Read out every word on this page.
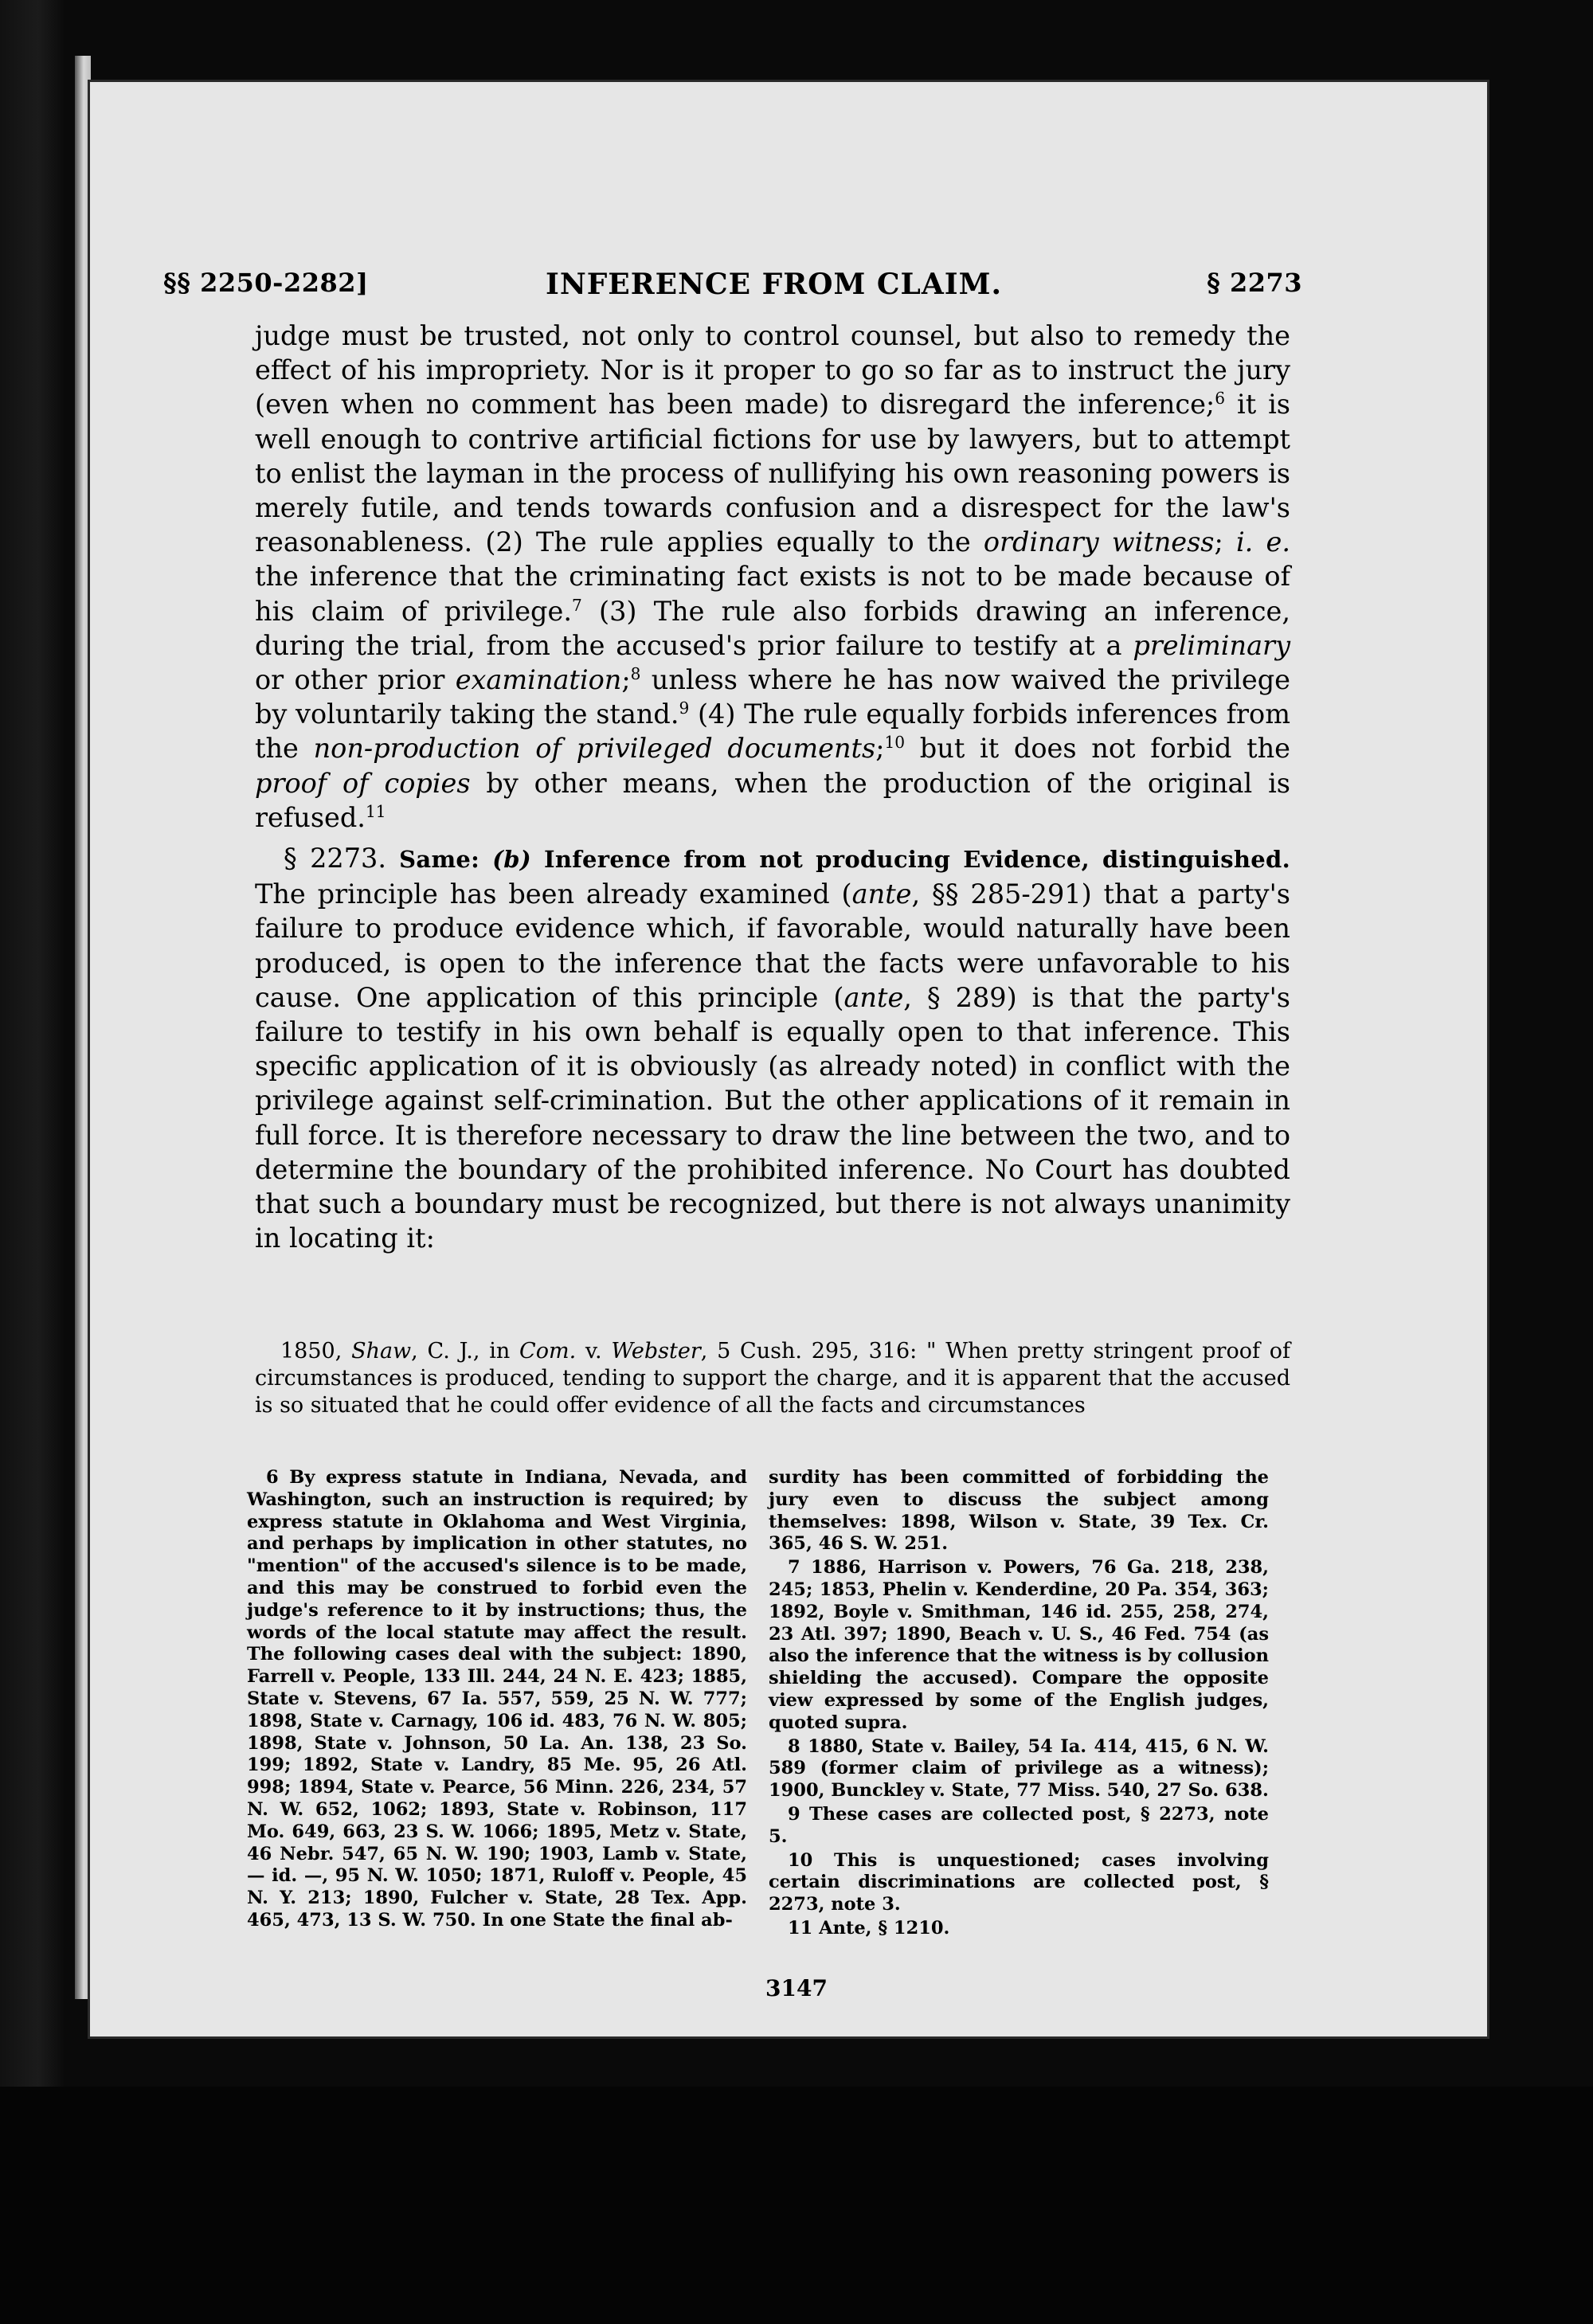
§§ 2250-2282]	INFERENCE FROM CLAIM.	§ 2273

judge must be trusted, not only to control counsel, but also to remedy the effect of his impropriety. Nor is it proper to go so far as to instruct the jury (even when no comment has been made) to disregard the inference;$^6$ it is well enough to contrive artificial fictions for use by lawyers, but to attempt to enlist the layman in the process of nullifying his own reasoning powers is merely futile, and tends towards confusion and a disrespect for the law's reasonableness. (2) The rule applies equally to the ordinary witness; i. e. the inference that the criminating fact exists is not to be made because of his claim of privilege.$^7$ (3) The rule also forbids drawing an inference, during the trial, from the accused's prior failure to testify at a preliminary or other prior examination;$^8$ unless where he has now waived the privilege by voluntarily taking the stand.$^9$ (4) The rule equally forbids inferences from the non-production of privileged documents;$^{10}$ but it does not forbid the proof of copies by other means, when the production of the original is refused.$^{11}$

§ 2273. Same: (b) Inference from not producing Evidence, distinguished. The principle has been already examined (ante, §§ 285-291) that a party's failure to produce evidence which, if favorable, would naturally have been produced, is open to the inference that the facts were unfavorable to his cause. One application of this principle (ante, § 289) is that the party's failure to testify in his own behalf is equally open to that inference. This specific application of it is obviously (as already noted) in conflict with the privilege against self-crimination. But the other applications of it remain in full force. It is therefore necessary to draw the line between the two, and to determine the boundary of the prohibited inference. No Court has doubted that such a boundary must be recognized, but there is not always unanimity in locating it:

1850, Shaw, C. J., in Com. v. Webster, 5 Cush. 295, 316: " When pretty stringent proof of circumstances is produced, tending to support the charge, and it is apparent that the accused is so situated that he could offer evidence of all the facts and circumstances

6 By express statute in Indiana, Nevada, and Washington, such an instruction is required; by express statute in Oklahoma and West Virginia, and perhaps by implication in other statutes, no "mention" of the accused's silence is to be made, and this may be construed to forbid even the judge's reference to it by instructions; thus, the words of the local statute may affect the result. The following cases deal with the subject: 1890, Farrell v. People, 133 Ill. 244, 24 N. E. 423; 1885, State v. Stevens, 67 Ia. 557, 559, 25 N. W. 777; 1898, State v. Carnagy, 106 id. 483, 76 N. W. 805; 1898, State v. Johnson, 50 La. An. 138, 23 So. 199; 1892, State v. Landry, 85 Me. 95, 26 Atl. 998; 1894, State v. Pearce, 56 Minn. 226, 234, 57 N. W. 652, 1062; 1893, State v. Robinson, 117 Mo. 649, 663, 23 S. W. 1066; 1895, Metz v. State, 46 Nebr. 547, 65 N. W. 190; 1903, Lamb v. State, — id. —, 95 N. W. 1050; 1871, Ruloff v. People, 45 N. Y. 213; 1890, Fulcher v. State, 28 Tex. App. 465, 473, 13 S. W. 750. In one State the final ab-

surdity has been committed of forbidding the jury even to discuss the subject among themselves: 1898, Wilson v. State, 39 Tex. Cr. 365, 46 S. W. 251.

7 1886, Harrison v. Powers, 76 Ga. 218, 238, 245; 1853, Phelin v. Kenderdine, 20 Pa. 354, 363; 1892, Boyle v. Smithman, 146 id. 255, 258, 274, 23 Atl. 397; 1890, Beach v. U. S., 46 Fed. 754 (as also the inference that the witness is by collusion shielding the accused). Compare the opposite view expressed by some of the English judges, quoted supra.

8 1880, State v. Bailey, 54 Ia. 414, 415, 6 N. W. 589 (former claim of privilege as a witness); 1900, Bunckley v. State, 77 Miss. 540, 27 So. 638.

9 These cases are collected post, § 2273, note 5.

10 This is unquestioned; cases involving certain discriminations are collected post, § 2273, note 3.

11 Ante, § 1210.

3147
